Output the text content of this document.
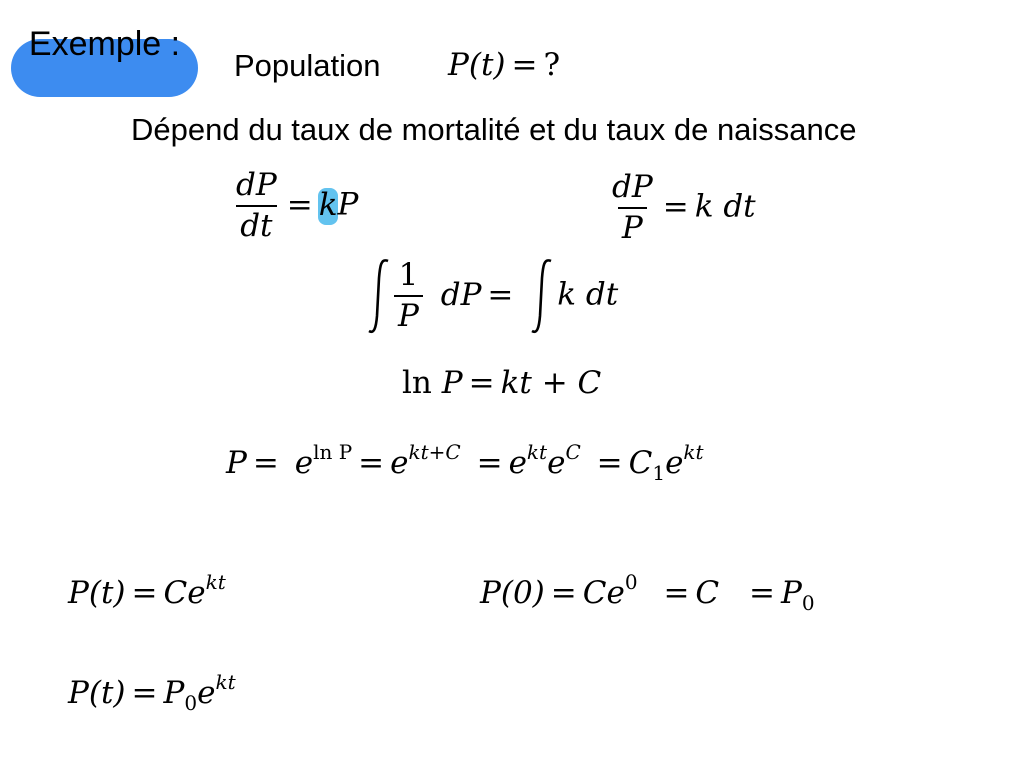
Exemple :
Population P(t) = ?
Dépend du taux de mortalité et du taux de naissance
$\frac{dP}{dt}$ = kP	$\frac{dP}{P} = k$ dt
$\frac{1}{P}$ dP = k dt
ln P = kt + C
$P = e^{ln P} = e^{kt+C} = e^{kt}e^C = C_1e^{kt}$
$P(t) = Ce^{kt}$	$P(0) = Ce^0 = C = P_0$
$P(t) = P_0e^{kt}$
